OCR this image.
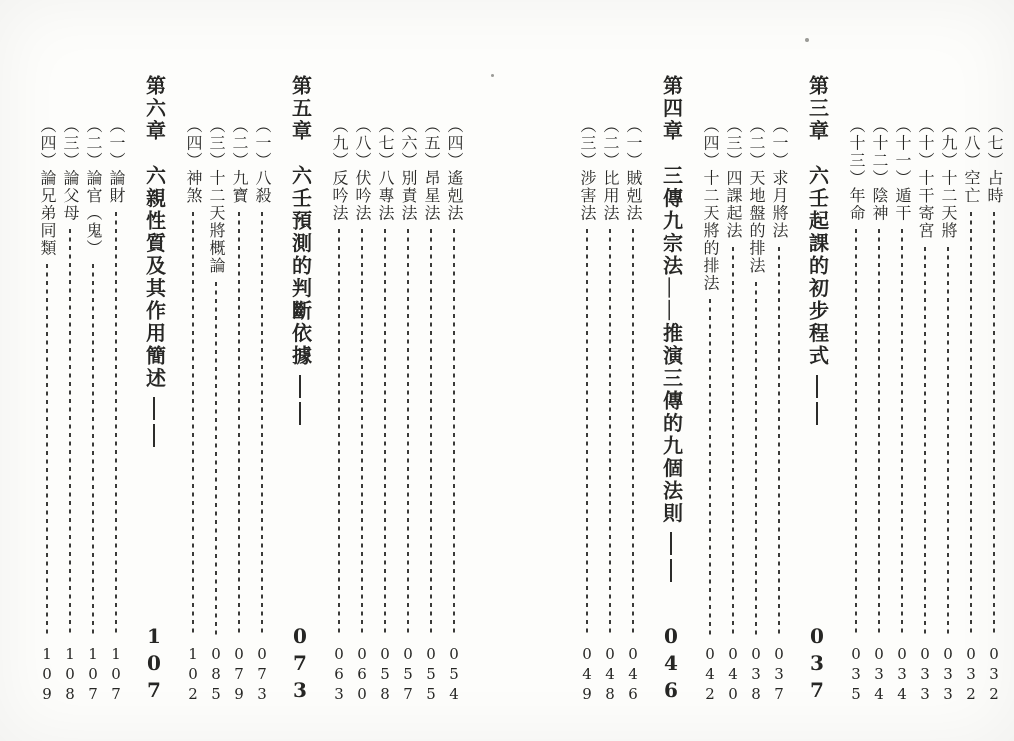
（四）遙剋法
054
（五）昂星法
055
（六）別責法
057
（七）八專法
058
（八）伏吟法
060
（九）反吟法
063
第五章　六壬預測的判斷依據
073
（一）八殺
073
（二）九寶
079
（三）十二天將概論
085
（四）神煞
102
第六章　六親性質及其作用簡述
107
（一）論財
107
（二）論官（鬼）
107
（三）論父母
108
（四）論兄弟同類
109
（七）占時
032
（八）空亡
032
（九）十二天將
033
（十）十干寄宮
033
（十一）遁干
034
（十二）陰神
034
（十三）年命
035
第三章　六壬起課的初步程式
037
（一）求月將法
037
（二）天地盤的排法
038
（三）四課起法
040
（四）十二天將的排法
042
第四章　三傳九宗法——推演三傳的九個法則
046
（一）賊剋法
046
（二）比用法
048
（三）涉害法
049
